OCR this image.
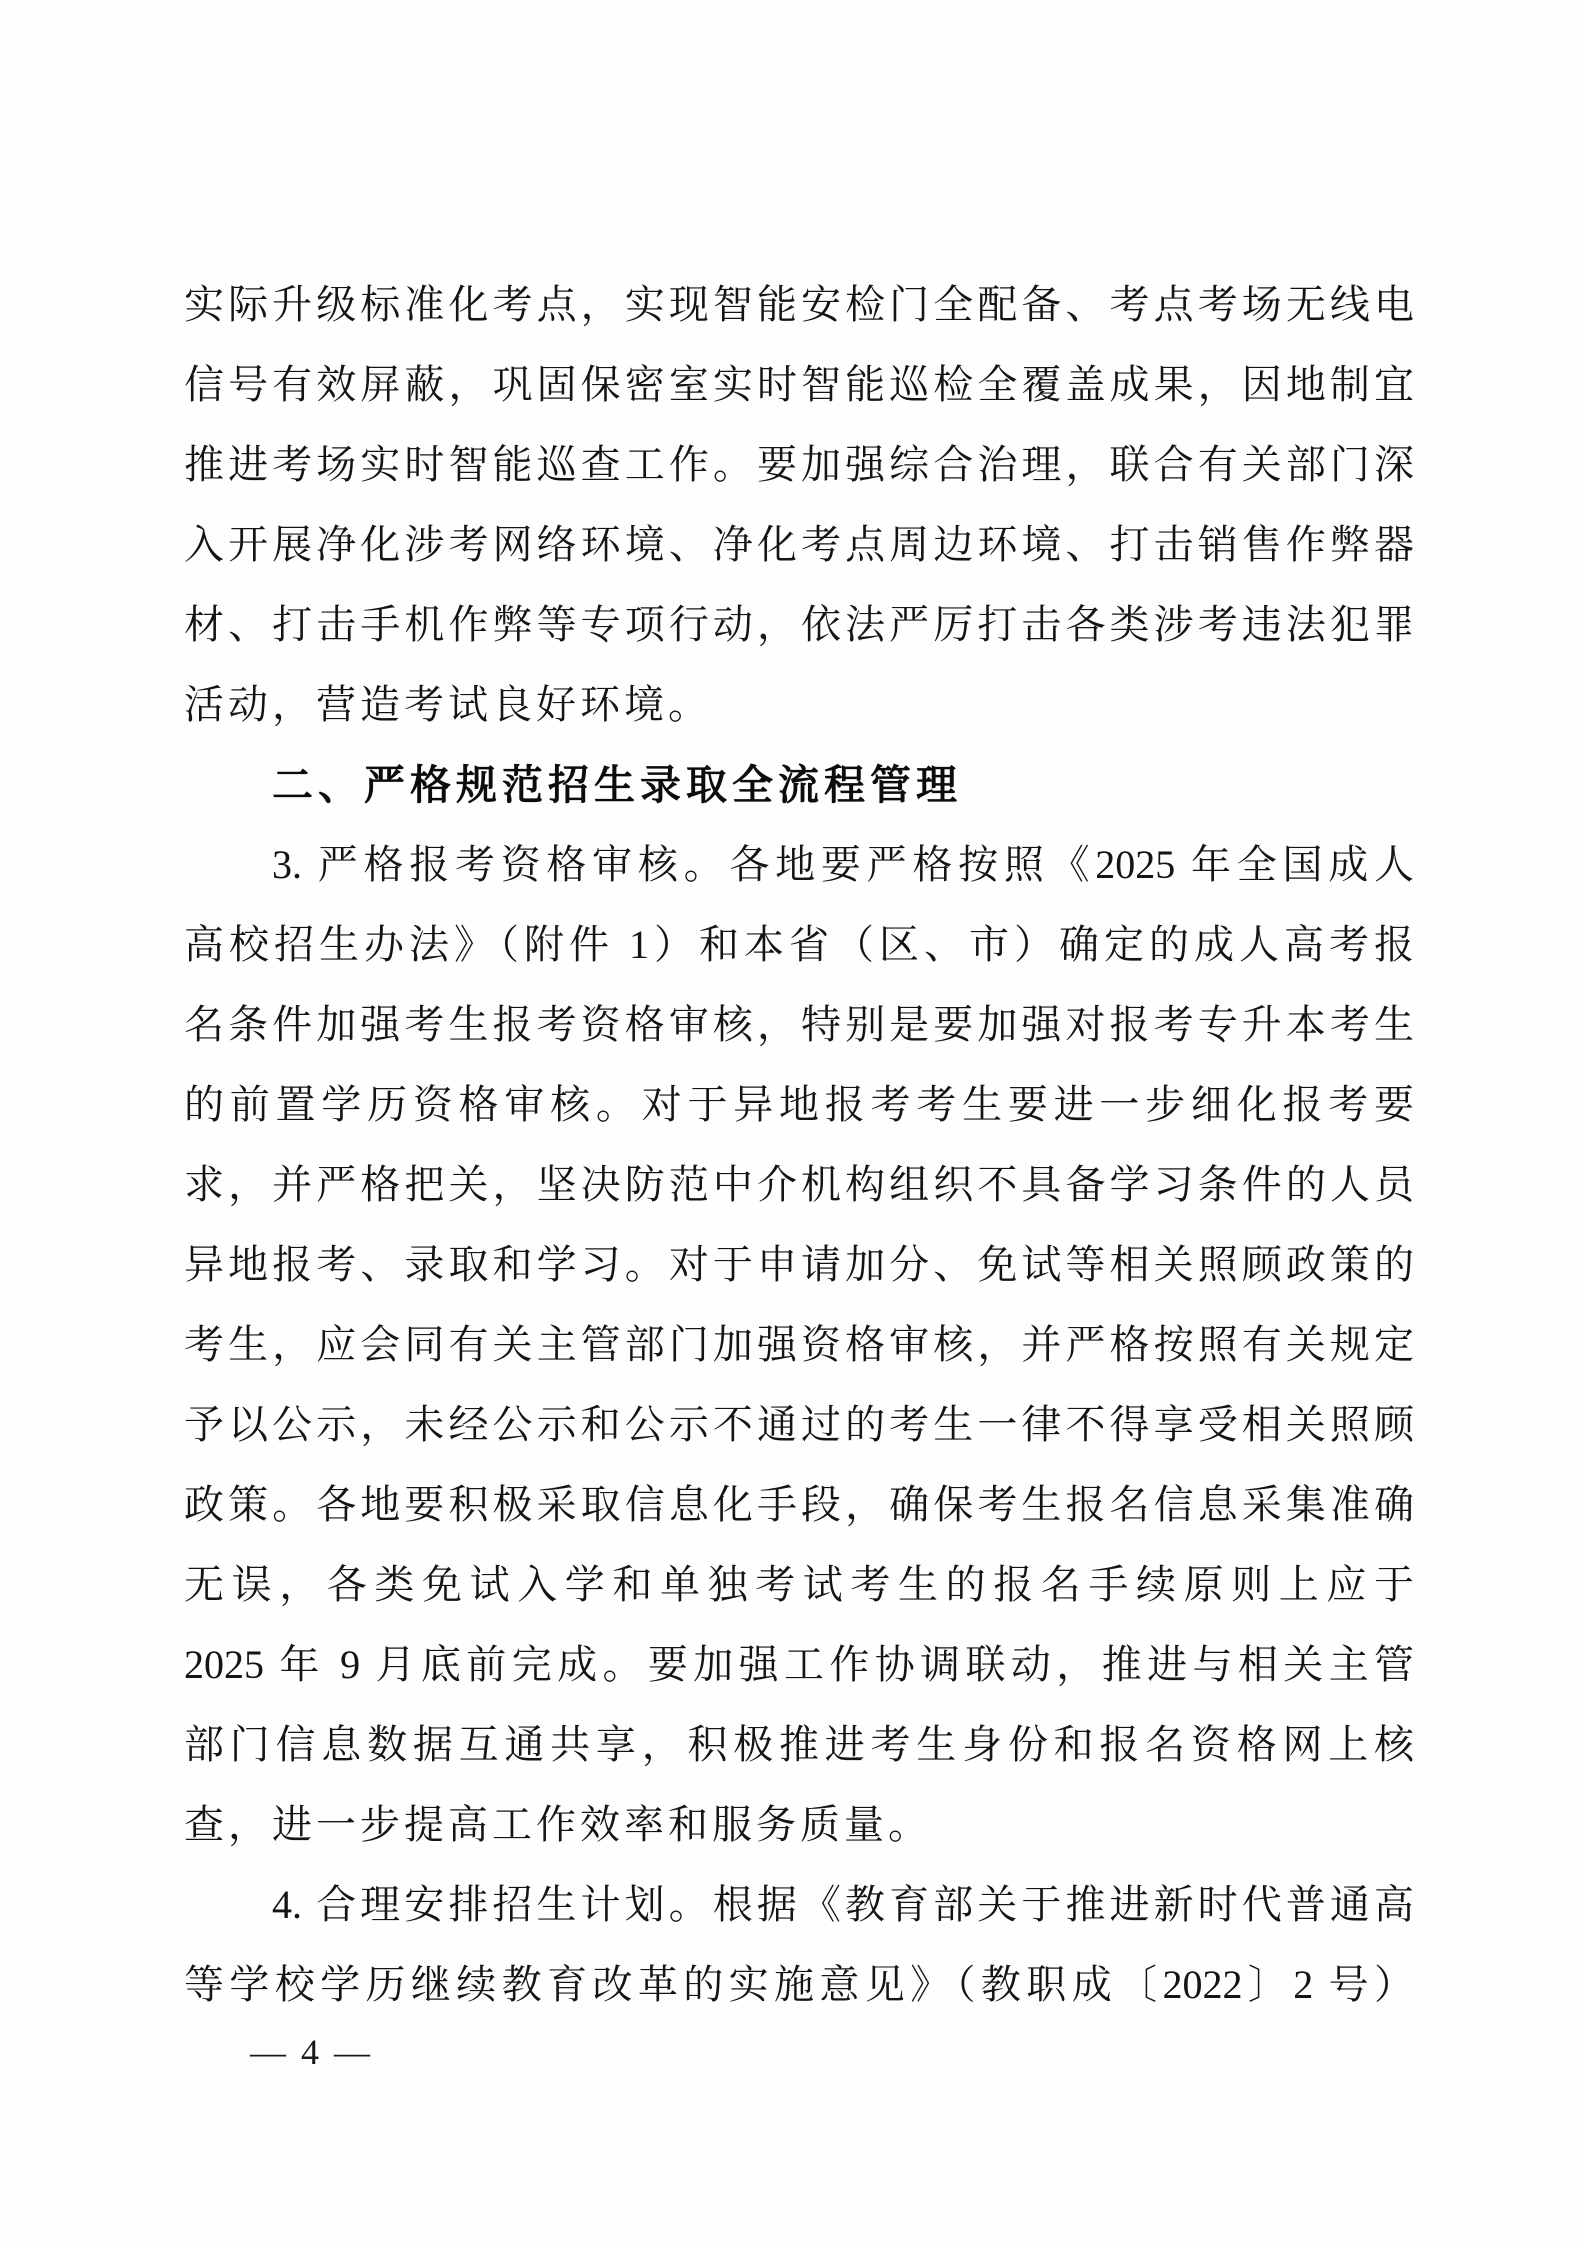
实际升级标准化考点，实现智能安检门全配备、考点考场无线电
信号有效屏蔽，巩固保密室实时智能巡检全覆盖成果，因地制宜
推进考场实时智能巡查工作。要加强综合治理，联合有关部门深
入开展净化涉考网络环境、净化考点周边环境、打击销售作弊器
材、打击手机作弊等专项行动，依法严厉打击各类涉考违法犯罪
活动，营造考试良好环境。
二、严格规范招生录取全流程管理
3. 严格报考资格审核。各地要严格按照《2025 年全国成人
高校招生办法》（附件 1）和本省（区、市）确定的成人高考报
名条件加强考生报考资格审核，特别是要加强对报考专升本考生
的前置学历资格审核。对于异地报考考生要进一步细化报考要
求，并严格把关，坚决防范中介机构组织不具备学习条件的人员
异地报考、录取和学习。对于申请加分、免试等相关照顾政策的
考生，应会同有关主管部门加强资格审核，并严格按照有关规定
予以公示，未经公示和公示不通过的考生一律不得享受相关照顾
政策。各地要积极采取信息化手段，确保考生报名信息采集准确
无误，各类免试入学和单独考试考生的报名手续原则上应于
2025 年 9 月底前完成。要加强工作协调联动，推进与相关主管
部门信息数据互通共享，积极推进考生身份和报名资格网上核
查，进一步提高工作效率和服务质量。
4. 合理安排招生计划。根据《教育部关于推进新时代普通高
等学校学历继续教育改革的实施意见》（教职成〔2022〕2 号）
— 4 —
